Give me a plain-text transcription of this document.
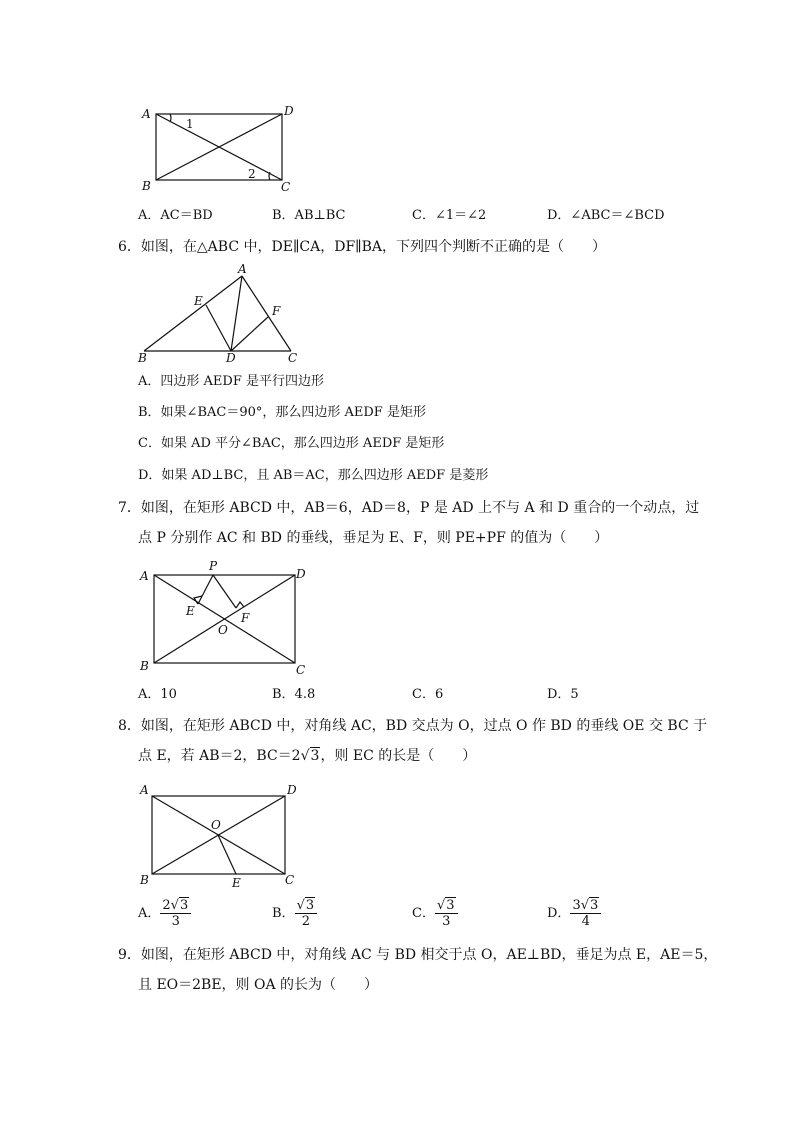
A	D
B	C
1
2
A．AC＝BD	B．AB⊥BC	C．∠1＝∠2	D．∠ABC＝∠BCD
6．如图，在△ABC 中，DE∥CA，DF∥BA，下列四个判断不正确的是（　　）
A
E
F
B	D	C
A．四边形 AEDF 是平行四边形
B．如果∠BAC＝90°，那么四边形 AEDF 是矩形
C．如果 AD 平分∠BAC，那么四边形 AEDF 是矩形
D．如果 AD⊥BC，且 AB＝AC，那么四边形 AEDF 是菱形
7．如图，在矩形 ABCD 中，AB＝6，AD＝8，P 是 AD 上不与 A 和 D 重合的一个动点，过
点 P 分别作 AC 和 BD 的垂线，垂足为 E、F，则 PE+PF 的值为（　　）
A
P
D
E	F
O
B	C
A．10	B．4.8	C．6	D．5
8．如图，在矩形 ABCD 中，对角线 AC，BD 交点为 O，过点 O 作 BD 的垂线 OE 交 BC 于
点 E，若 AB＝2，BC＝2√3，则 EC 的长是（　　）
A	D
O
B	E	C
A． $\frac{2√3}{3}$	B． $\frac{√3}{2}$	C． $\frac{√3}{3}$	D． $\frac{3√3}{4}$
9．如图，在矩形 ABCD 中，对角线 AC 与 BD 相交于点 O，AE⊥BD，垂足为点 E，AE＝5，
且 EO＝2BE，则 OA 的长为（　　）
